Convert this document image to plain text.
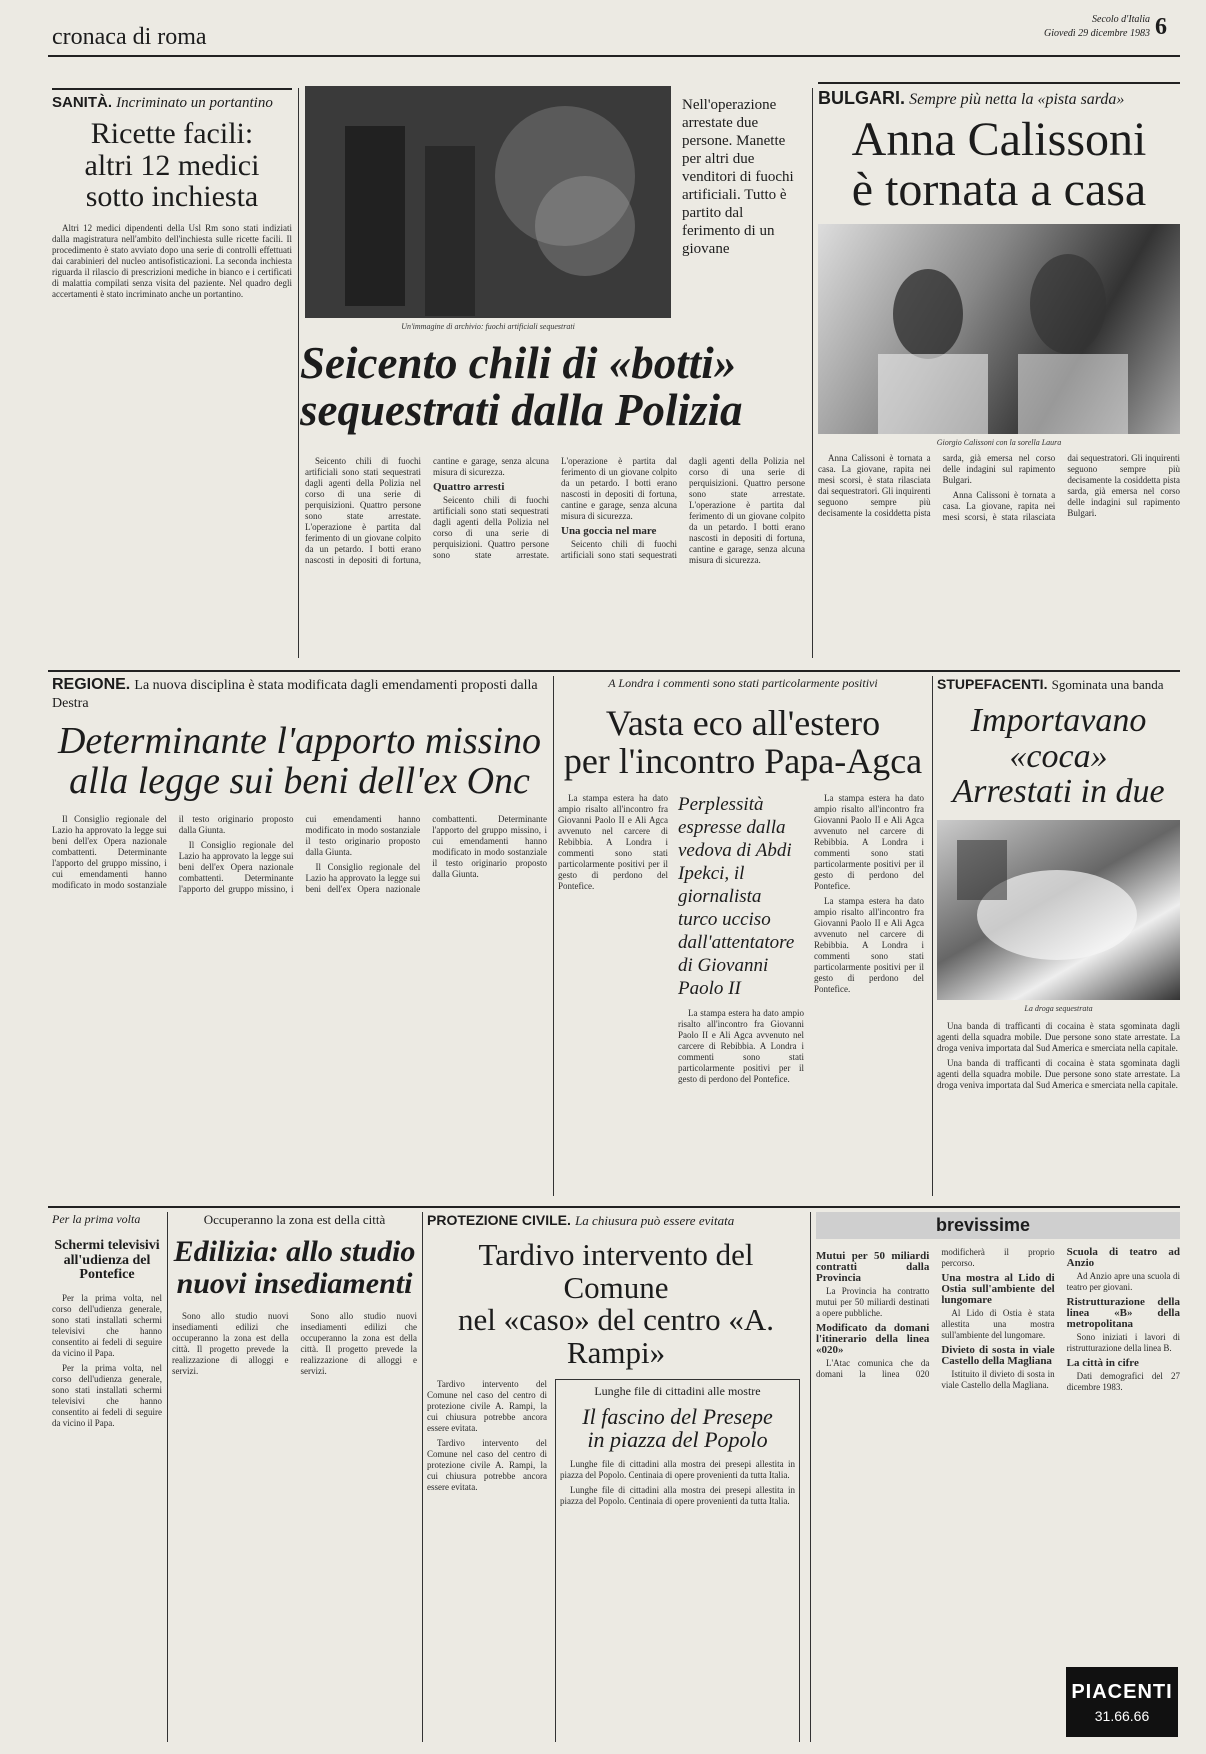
cronaca di roma
Secolo d'Italia
Giovedì 29 dicembre 1983 6
SANITÀ. Incriminato un portantino
Ricette facili:
altri 12 medici
sotto inchiesta

Altri 12 medici dipendenti della Usl Rm sono stati indiziati dalla magistratura nell'ambito dell'inchiesta sulle ricette facili. Il procedimento è stato avviato dopo una serie di controlli effettuati dai carabinieri del nucleo antisofisticazioni. La seconda inchiesta riguarda il rilascio di prescrizioni mediche in bianco e i certificati di malattia compilati senza visita del paziente. Nel quadro degli accertamenti è stato incriminato anche un portantino.

Un'immagine di archivio: fuochi artificiali sequestrati
Nell'operazione arrestate due persone. Manette per altri due venditori di fuochi artificiali. Tutto è partito dal ferimento di un giovane
Seicento chili di «botti»
sequestrati dalla Polizia

Seicento chili di fuochi artificiali sono stati sequestrati dagli agenti della Polizia nel corso di una serie di perquisizioni. Quattro persone sono state arrestate. L'operazione è partita dal ferimento di un giovane colpito da un petardo. I botti erano nascosti in depositi di fortuna, cantine e garage, senza alcuna misura di sicurezza.

Quattro arresti

Seicento chili di fuochi artificiali sono stati sequestrati dagli agenti della Polizia nel corso di una serie di perquisizioni. Quattro persone sono state arrestate. L'operazione è partita dal ferimento di un giovane colpito da un petardo. I botti erano nascosti in depositi di fortuna, cantine e garage, senza alcuna misura di sicurezza.

Una goccia nel mare

Seicento chili di fuochi artificiali sono stati sequestrati dagli agenti della Polizia nel corso di una serie di perquisizioni. Quattro persone sono state arrestate. L'operazione è partita dal ferimento di un giovane colpito da un petardo. I botti erano nascosti in depositi di fortuna, cantine e garage, senza alcuna misura di sicurezza.

BULGARI. Sempre più netta la «pista sarda»
Anna Calissoni
è tornata a casa
Giorgio Calissoni con la sorella Laura

Anna Calissoni è tornata a casa. La giovane, rapita nei mesi scorsi, è stata rilasciata dai sequestratori. Gli inquirenti seguono sempre più decisamente la cosiddetta pista sarda, già emersa nel corso delle indagini sul rapimento Bulgari.

Anna Calissoni è tornata a casa. La giovane, rapita nei mesi scorsi, è stata rilasciata dai sequestratori. Gli inquirenti seguono sempre più decisamente la cosiddetta pista sarda, già emersa nel corso delle indagini sul rapimento Bulgari.

REGIONE. La nuova disciplina è stata modificata dagli emendamenti proposti dalla Destra
Determinante l'apporto missino
alla legge sui beni dell'ex Onc

Il Consiglio regionale del Lazio ha approvato la legge sui beni dell'ex Opera nazionale combattenti. Determinante l'apporto del gruppo missino, i cui emendamenti hanno modificato in modo sostanziale il testo originario proposto dalla Giunta.

Il Consiglio regionale del Lazio ha approvato la legge sui beni dell'ex Opera nazionale combattenti. Determinante l'apporto del gruppo missino, i cui emendamenti hanno modificato in modo sostanziale il testo originario proposto dalla Giunta.

Il Consiglio regionale del Lazio ha approvato la legge sui beni dell'ex Opera nazionale combattenti. Determinante l'apporto del gruppo missino, i cui emendamenti hanno modificato in modo sostanziale il testo originario proposto dalla Giunta.

A Londra i commenti sono stati particolarmente positivi
Vasta eco all'estero
per l'incontro Papa-Agca

La stampa estera ha dato ampio risalto all'incontro fra Giovanni Paolo II e Ali Agca avvenuto nel carcere di Rebibbia. A Londra i commenti sono stati particolarmente positivi per il gesto di perdono del Pontefice.

Perplessità espresse dalla vedova di Abdi Ipekci, il giornalista turco ucciso dall'attentatore di Giovanni Paolo II

La stampa estera ha dato ampio risalto all'incontro fra Giovanni Paolo II e Ali Agca avvenuto nel carcere di Rebibbia. A Londra i commenti sono stati particolarmente positivi per il gesto di perdono del Pontefice.

La stampa estera ha dato ampio risalto all'incontro fra Giovanni Paolo II e Ali Agca avvenuto nel carcere di Rebibbia. A Londra i commenti sono stati particolarmente positivi per il gesto di perdono del Pontefice.

La stampa estera ha dato ampio risalto all'incontro fra Giovanni Paolo II e Ali Agca avvenuto nel carcere di Rebibbia. A Londra i commenti sono stati particolarmente positivi per il gesto di perdono del Pontefice.

STUPEFACENTI. Sgominata una banda
Importavano «coca»
Arrestati in due
La droga sequestrata

Una banda di trafficanti di cocaina è stata sgominata dagli agenti della squadra mobile. Due persone sono state arrestate. La droga veniva importata dal Sud America e smerciata nella capitale.

Una banda di trafficanti di cocaina è stata sgominata dagli agenti della squadra mobile. Due persone sono state arrestate. La droga veniva importata dal Sud America e smerciata nella capitale.

Per la prima volta
Schermi televisivi all'udienza del Pontefice

Per la prima volta, nel corso dell'udienza generale, sono stati installati schermi televisivi che hanno consentito ai fedeli di seguire da vicino il Papa.

Per la prima volta, nel corso dell'udienza generale, sono stati installati schermi televisivi che hanno consentito ai fedeli di seguire da vicino il Papa.

Occuperanno la zona est della città
Edilizia: allo studio
nuovi insediamenti

Sono allo studio nuovi insediamenti edilizi che occuperanno la zona est della città. Il progetto prevede la realizzazione di alloggi e servizi.

Sono allo studio nuovi insediamenti edilizi che occuperanno la zona est della città. Il progetto prevede la realizzazione di alloggi e servizi.

PROTEZIONE CIVILE. La chiusura può essere evitata
Tardivo intervento del Comune
nel «caso» del centro «A. Rampi»

Tardivo intervento del Comune nel caso del centro di protezione civile A. Rampi, la cui chiusura potrebbe ancora essere evitata.

Tardivo intervento del Comune nel caso del centro di protezione civile A. Rampi, la cui chiusura potrebbe ancora essere evitata.

Lunghe file di cittadini alle mostre
Il fascino del Presepe
in piazza del Popolo

Lunghe file di cittadini alla mostra dei presepi allestita in piazza del Popolo. Centinaia di opere provenienti da tutta Italia.

Lunghe file di cittadini alla mostra dei presepi allestita in piazza del Popolo. Centinaia di opere provenienti da tutta Italia.

brevissime
Mutui per 50 miliardi contratti dalla Provincia

La Provincia ha contratto mutui per 50 miliardi destinati a opere pubbliche.

Modificato da domani l'itinerario della linea «020»

L'Atac comunica che da domani la linea 020 modificherà il proprio percorso.

Una mostra al Lido di Ostia sull'ambiente del lungomare

Al Lido di Ostia è stata allestita una mostra sull'ambiente del lungomare.

Divieto di sosta in viale Castello della Magliana

Istituito il divieto di sosta in viale Castello della Magliana.

Scuola di teatro ad Anzio

Ad Anzio apre una scuola di teatro per giovani.

Ristrutturazione della linea «B» della metropolitana

Sono iniziati i lavori di ristrutturazione della linea B.

La città in cifre

Dati demografici del 27 dicembre 1983.

PIACENTI
31.66.66
